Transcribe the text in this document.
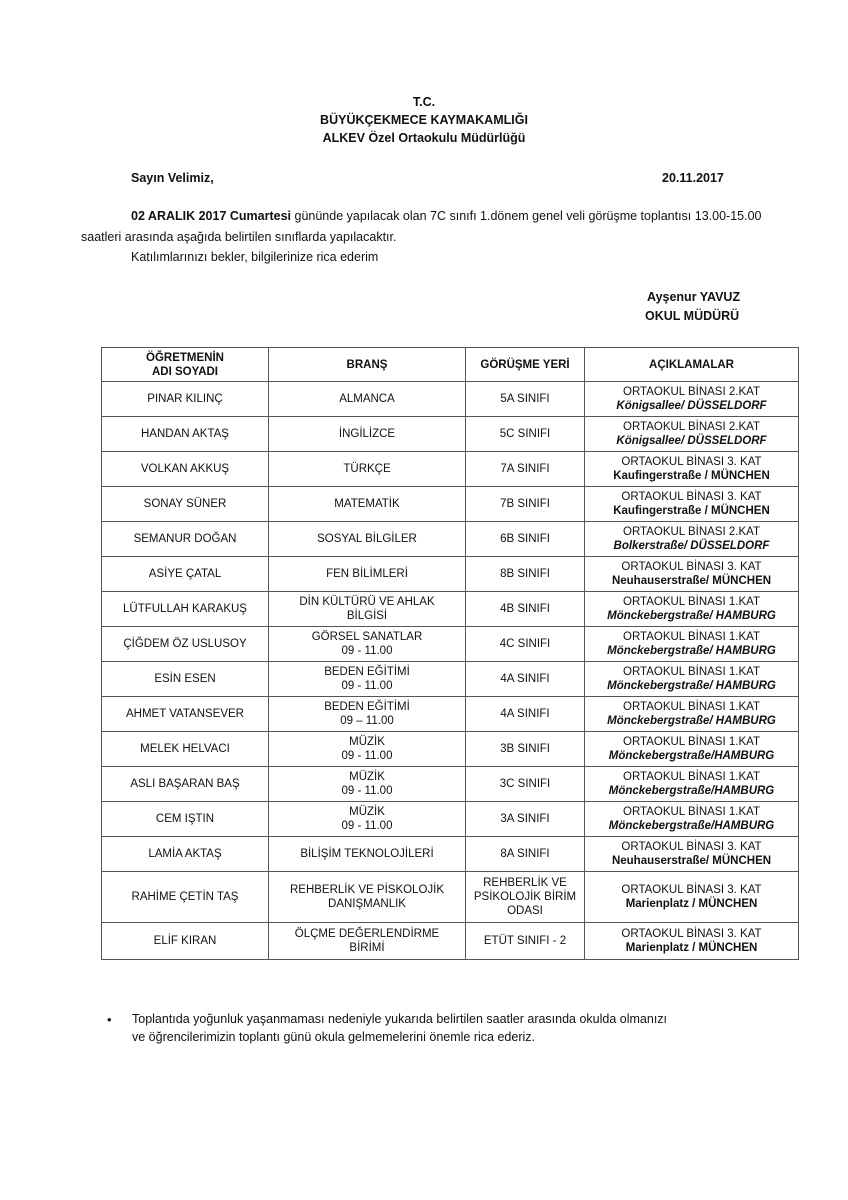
T.C.
BÜYÜKÇEKMECE KAYMAKAMLIĞI
ALKEV Özel Ortaokulu Müdürlüğü
Sayın Velimiz,	20.11.2017
02 ARALIK 2017 Cumartesi gününde yapılacak olan 7C sınıfı 1.dönem genel veli görüşme toplantısı 13.00-15.00
saatleri arasında aşağıda belirtilen sınıflarda yapılacaktır.
Katılımlarınızı bekler, bilgilerinize rica ederim
Ayşenur YAVUZ
OKUL MÜDÜRÜ
ÖĞRETMENİN
ADI SOYADI	BRANŞ	GÖRÜŞME YERİ	AÇIKLAMALAR
PINAR KILINÇ	ALMANCA	5A SINIFI	ORTAOKUL BİNASI 2.KAT
Königsallee/ DÜSSELDORF

HANDAN AKTAŞ	İNGİLİZCE	5C SINIFI	ORTAOKUL BİNASI 2.KAT
Königsallee/ DÜSSELDORF

VOLKAN AKKUŞ	TÜRKÇE	7A SINIFI	ORTAOKUL BİNASI 3. KAT
Kaufingerstraße / MÜNCHEN

SONAY SÜNER	MATEMATİK	7B SINIFI	ORTAOKUL BİNASI 3. KAT
Kaufingerstraße / MÜNCHEN

SEMANUR DOĞAN	SOSYAL BİLGİLER	6B SINIFI	ORTAOKUL BİNASI 2.KAT
Bolkerstraße/ DÜSSELDORF

ASİYE ÇATAL	FEN BİLİMLERİ	8B SINIFI	ORTAOKUL BİNASI 3. KAT
Neuhauserstraße/ MÜNCHEN

LÜTFULLAH KARAKUŞ	DİN KÜLTÜRÜ VE AHLAK
BİLGİSİ	4B SINIFI	ORTAOKUL BİNASI 1.KAT
Mönckebergstraße/ HAMBURG

ÇİĞDEM ÖZ USLUSOY	GÖRSEL SANATLAR
09 - 11.00	4C SINIFI	ORTAOKUL BİNASI 1.KAT
Mönckebergstraße/ HAMBURG

ESİN ESEN	BEDEN EĞİTİMİ
09 - 11.00	4A SINIFI	ORTAOKUL BİNASI 1.KAT
Mönckebergstraße/ HAMBURG

AHMET VATANSEVER	BEDEN EĞİTİMİ
09 – 11.00	4A SINIFI	ORTAOKUL BİNASI 1.KAT
Mönckebergstraße/ HAMBURG

MELEK HELVACI	MÜZİK
09 - 11.00	3B SINIFI	ORTAOKUL BİNASI 1.KAT
Mönckebergstraße/HAMBURG

ASLI BAŞARAN BAŞ	MÜZİK
09 - 11.00	3C SINIFI	ORTAOKUL BİNASI 1.KAT
Mönckebergstraße/HAMBURG

CEM IŞTIN	MÜZİK
09 - 11.00	3A SINIFI	ORTAOKUL BİNASI 1.KAT
Mönckebergstraße/HAMBURG

LAMİA AKTAŞ	BİLİŞİM TEKNOLOJİLERİ	8A SINIFI	ORTAOKUL BİNASI 3. KAT
Neuhauserstraße/ MÜNCHEN

RAHİME ÇETİN TAŞ	REHBERLİK VE PİSKOLOJİK
DANIŞMANLIK	REHBERLİK VE PSİKOLOJİK BİRİM ODASI	ORTAOKUL BİNASI 3. KAT
Marienplatz / MÜNCHEN

ELİF KIRAN	ÖLÇME DEĞERLENDİRME
BİRİMİ	ETÜT SINIFI - 2	ORTAOKUL BİNASI 3. KAT
Marienplatz / MÜNCHEN
• Toplantıda yoğunluk yaşanmaması nedeniyle yukarıda belirtilen saatler arasında okulda olmanızı ve öğrencilerimizin toplantı günü okula gelmemelerini önemle rica ederiz.
